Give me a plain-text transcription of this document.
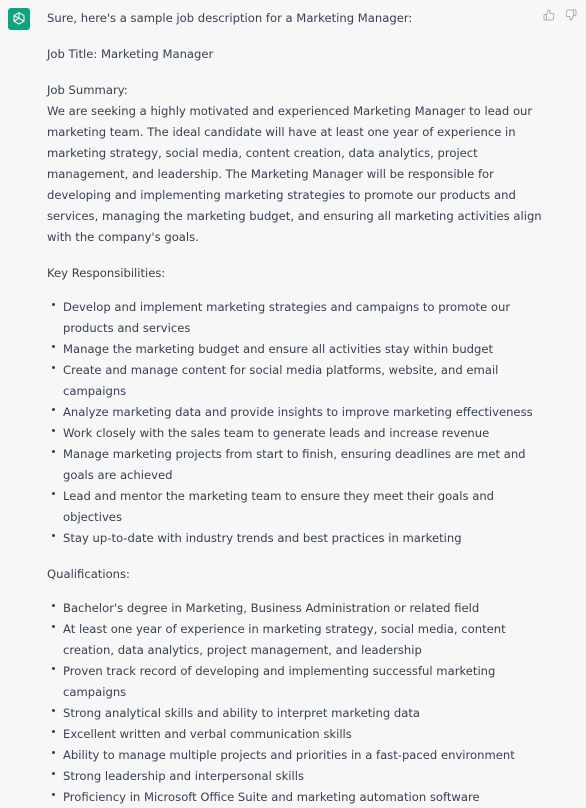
Sure, here's a sample job description for a Marketing Manager:

Job Title: Marketing Manager

Job Summary:

We are seeking a highly motivated and experienced Marketing Manager to lead our marketing team. The ideal candidate will have at least one year of experience in marketing strategy, social media, content creation, data analytics, project management, and leadership. The Marketing Manager will be responsible for developing and implementing marketing strategies to promote our products and services, managing the marketing budget, and ensuring all marketing activities align with the company's goals.

Key Responsibilities:

Develop and implement marketing strategies and campaigns to promote our products and services
Manage the marketing budget and ensure all activities stay within budget
Create and manage content for social media platforms, website, and email campaigns
Analyze marketing data and provide insights to improve marketing effectiveness
Work closely with the sales team to generate leads and increase revenue
Manage marketing projects from start to finish, ensuring deadlines are met and goals are achieved
Lead and mentor the marketing team to ensure they meet their goals and objectives
Stay up-to-date with industry trends and best practices in marketing

Qualifications:

Bachelor's degree in Marketing, Business Administration or related field
At least one year of experience in marketing strategy, social media, content creation, data analytics, project management, and leadership
Proven track record of developing and implementing successful marketing campaigns
Strong analytical skills and ability to interpret marketing data
Excellent written and verbal communication skills
Ability to manage multiple projects and priorities in a fast-paced environment
Strong leadership and interpersonal skills
Proficiency in Microsoft Office Suite and marketing automation software
